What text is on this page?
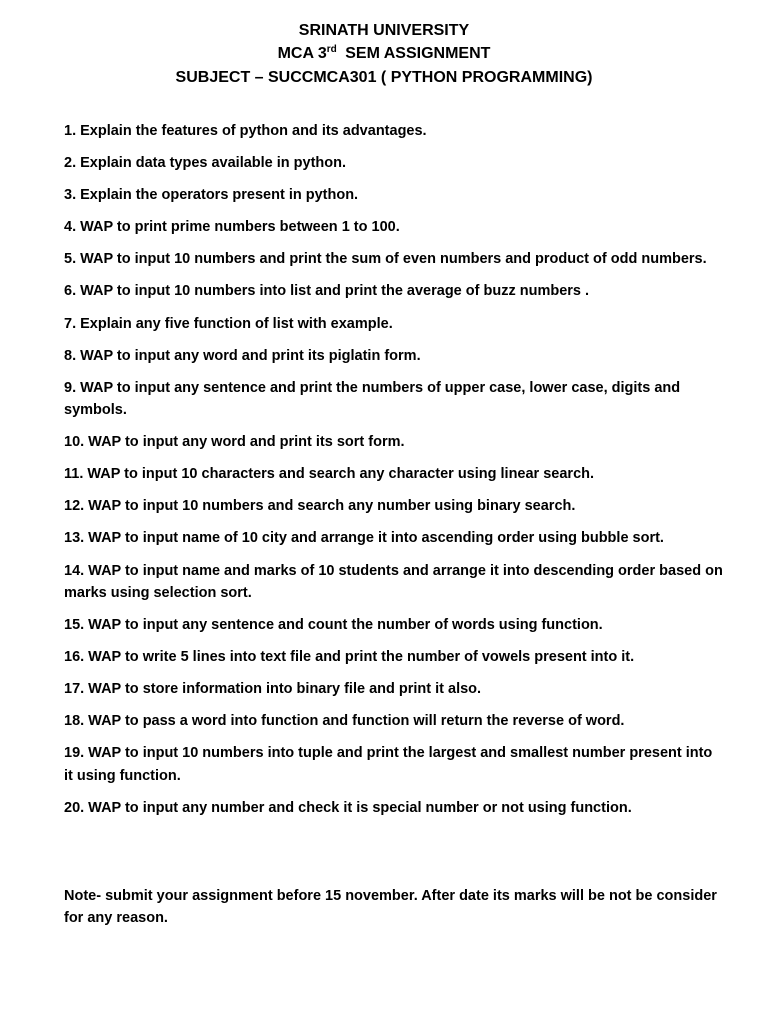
SRINATH UNIVERSITY
MCA 3rd SEM ASSIGNMENT
SUBJECT – SUCCMCA301 ( PYTHON PROGRAMMING)
1. Explain the features of python and its advantages.
2. Explain data types available in python.
3. Explain the operators present in python.
4. WAP to print prime numbers between 1 to 100.
5. WAP to input 10 numbers and print the sum of even numbers and product of odd numbers.
6. WAP to input 10 numbers into list and print the average of buzz numbers .
7. Explain any five function of list with example.
8. WAP to input any word and print its piglatin form.
9. WAP to input any sentence and print the numbers of upper case, lower case, digits and symbols.
10. WAP to input any word and print its sort form.
11. WAP to input 10 characters and search any character using linear search.
12. WAP to input 10 numbers and search any number using binary search.
13. WAP to input name of 10 city and arrange it into ascending order using bubble sort.
14. WAP to input name and marks of 10 students and arrange it into descending order based on marks using selection sort.
15. WAP to input any sentence and count the number of words using function.
16. WAP to write 5 lines into text file and print the number of vowels present into it.
17. WAP to store information into binary file and print it also.
18. WAP to pass a word into function and function will return the reverse of word.
19. WAP to input 10 numbers into tuple and print the largest and smallest number present into it using function.
20. WAP to input any number and check it is special number or not using function.
Note- submit your assignment before 15 november. After date its marks will be not be consider for any reason.
